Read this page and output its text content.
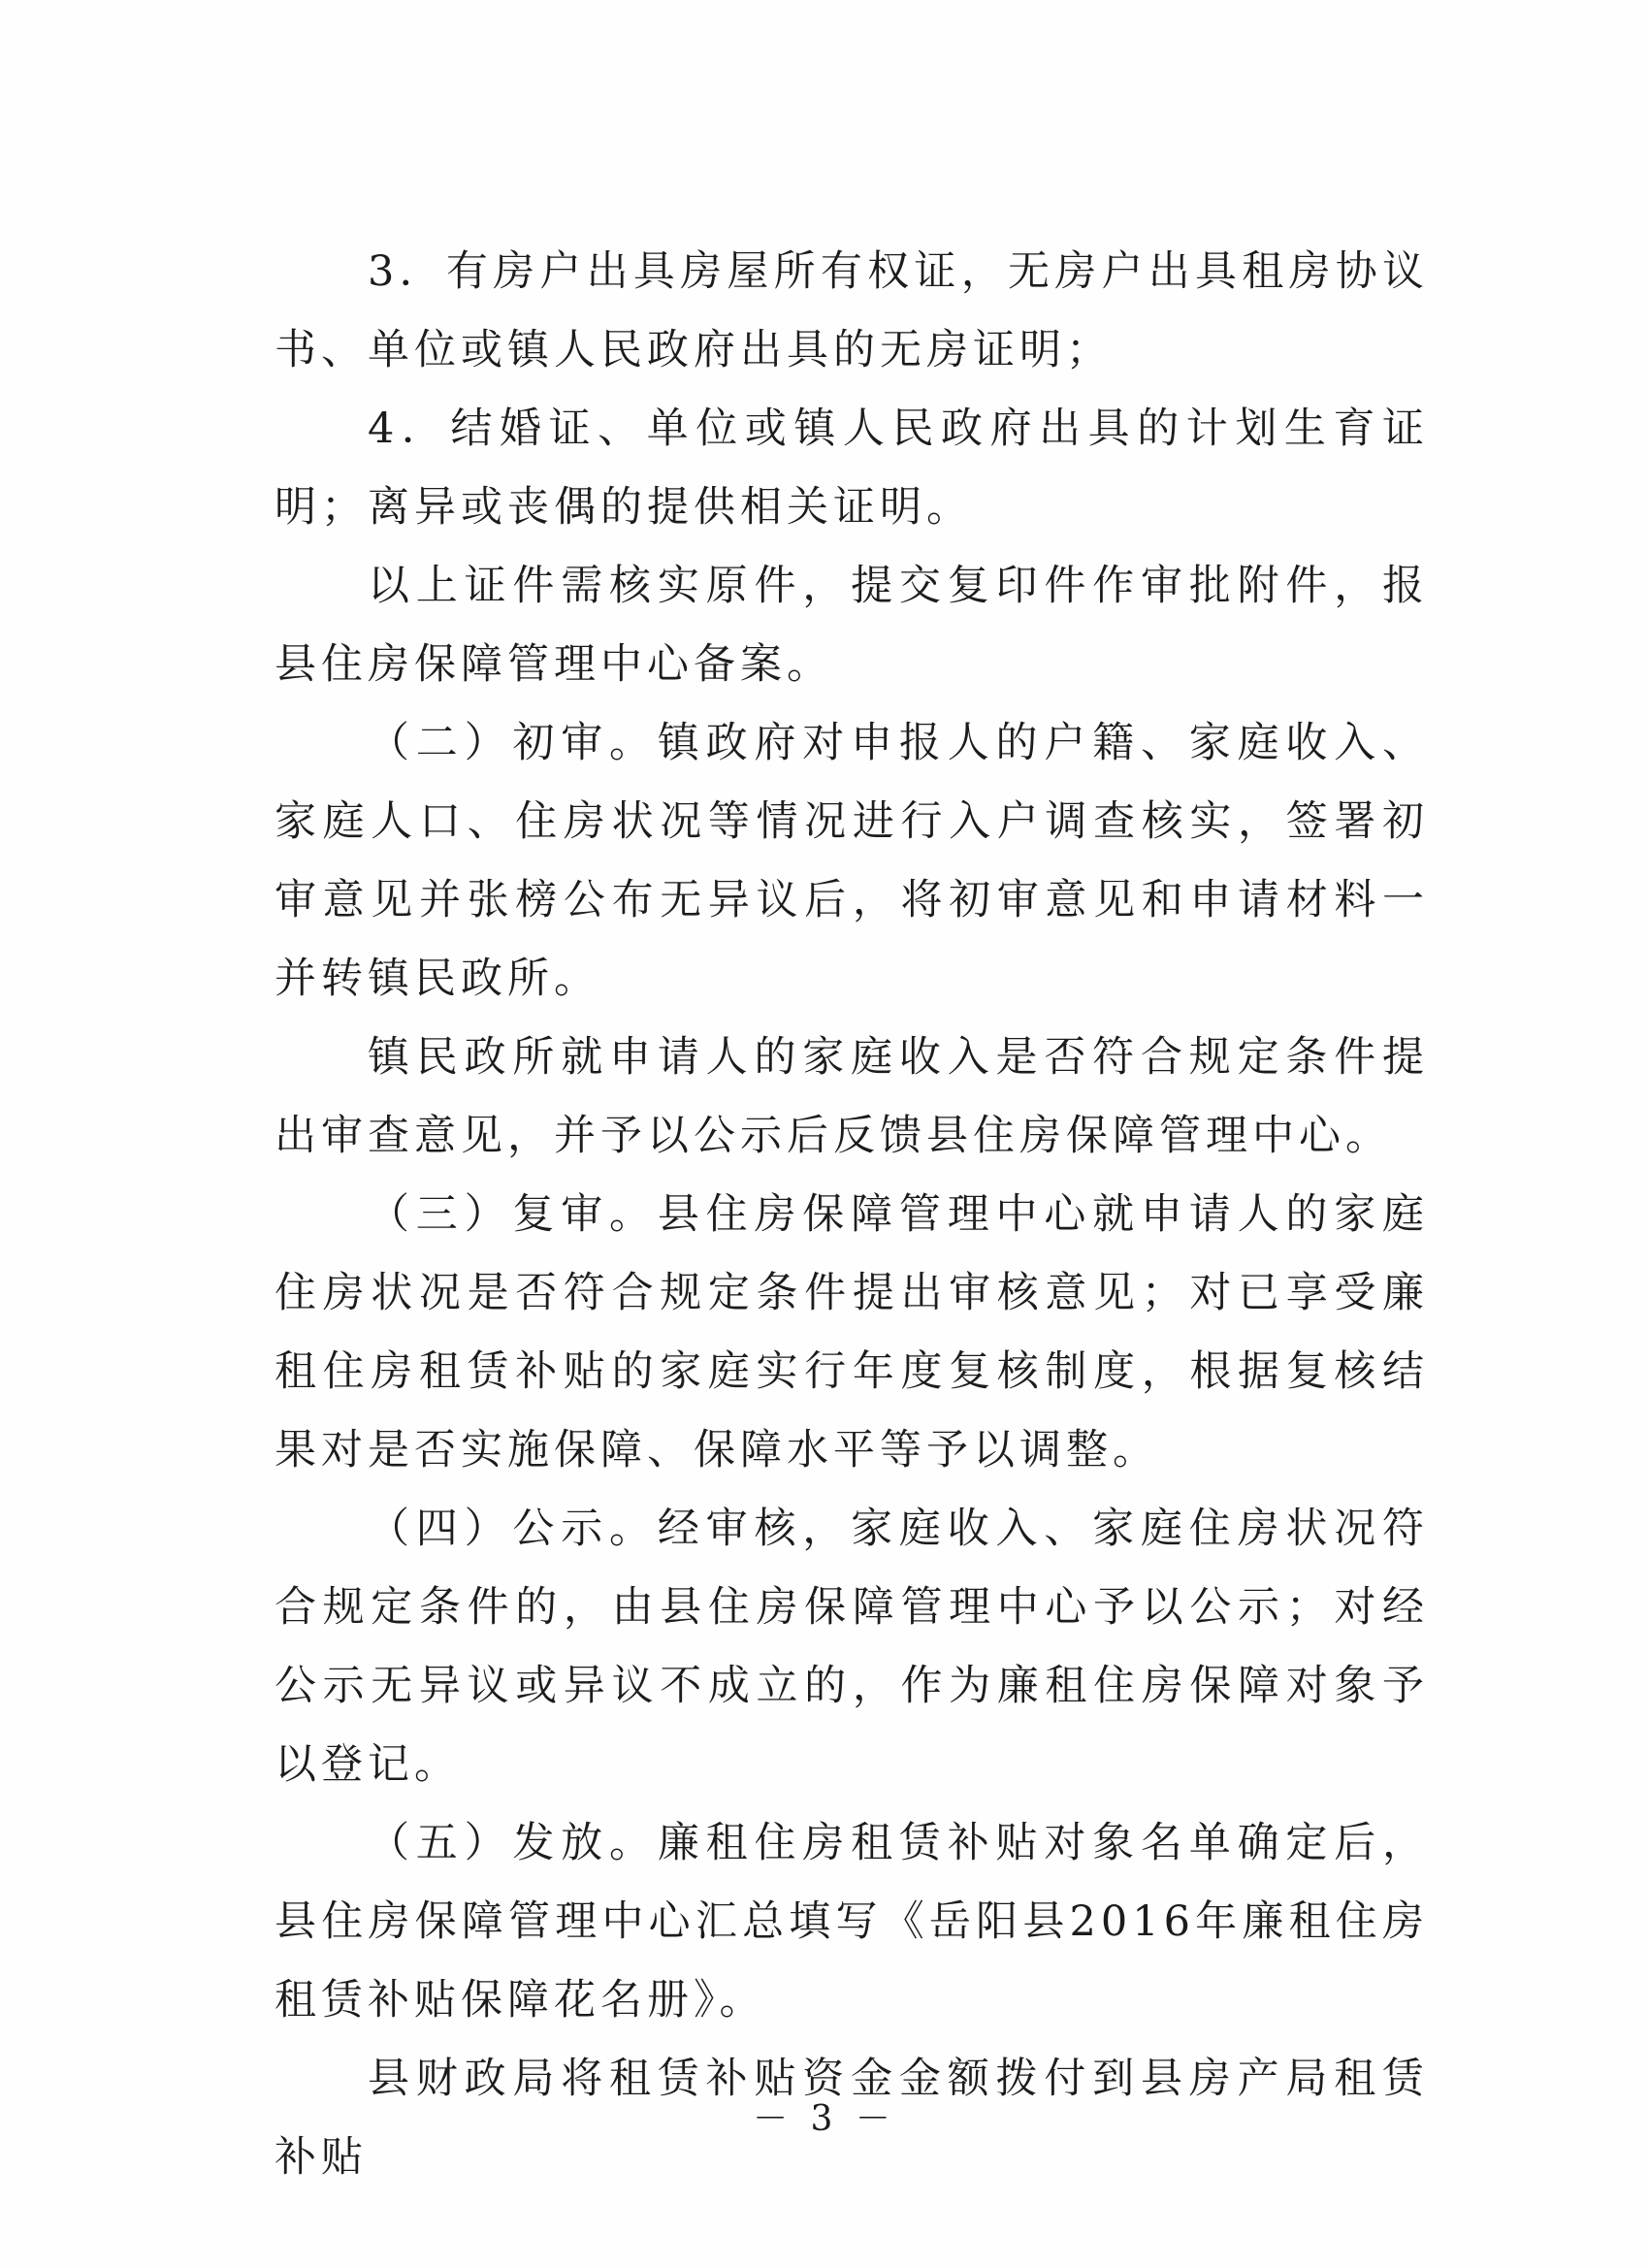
3．有房户出具房屋所有权证，无房户出具租房协议书、单位或镇人民政府出具的无房证明；

4．结婚证、单位或镇人民政府出具的计划生育证明；离异或丧偶的提供相关证明。

以上证件需核实原件，提交复印件作审批附件，报县住房保障管理中心备案。

（二）初审。镇政府对申报人的户籍、家庭收入、家庭人口、住房状况等情况进行入户调查核实，签署初审意见并张榜公布无异议后，将初审意见和申请材料一并转镇民政所。

镇民政所就申请人的家庭收入是否符合规定条件提出审查意见，并予以公示后反馈县住房保障管理中心。

（三）复审。县住房保障管理中心就申请人的家庭住房状况是否符合规定条件提出审核意见；对已享受廉租住房租赁补贴的家庭实行年度复核制度，根据复核结果对是否实施保障、保障水平等予以调整。

（四）公示。经审核，家庭收入、家庭住房状况符合规定条件的，由县住房保障管理中心予以公示；对经公示无异议或异议不成立的，作为廉租住房保障对象予以登记。

（五）发放。廉租住房租赁补贴对象名单确定后，县住房保障管理中心汇总填写《岳阳县2016年廉租住房租赁补贴保障花名册》。

县财政局将租赁补贴资金金额拨付到县房产局租赁补贴

－ 3 －
